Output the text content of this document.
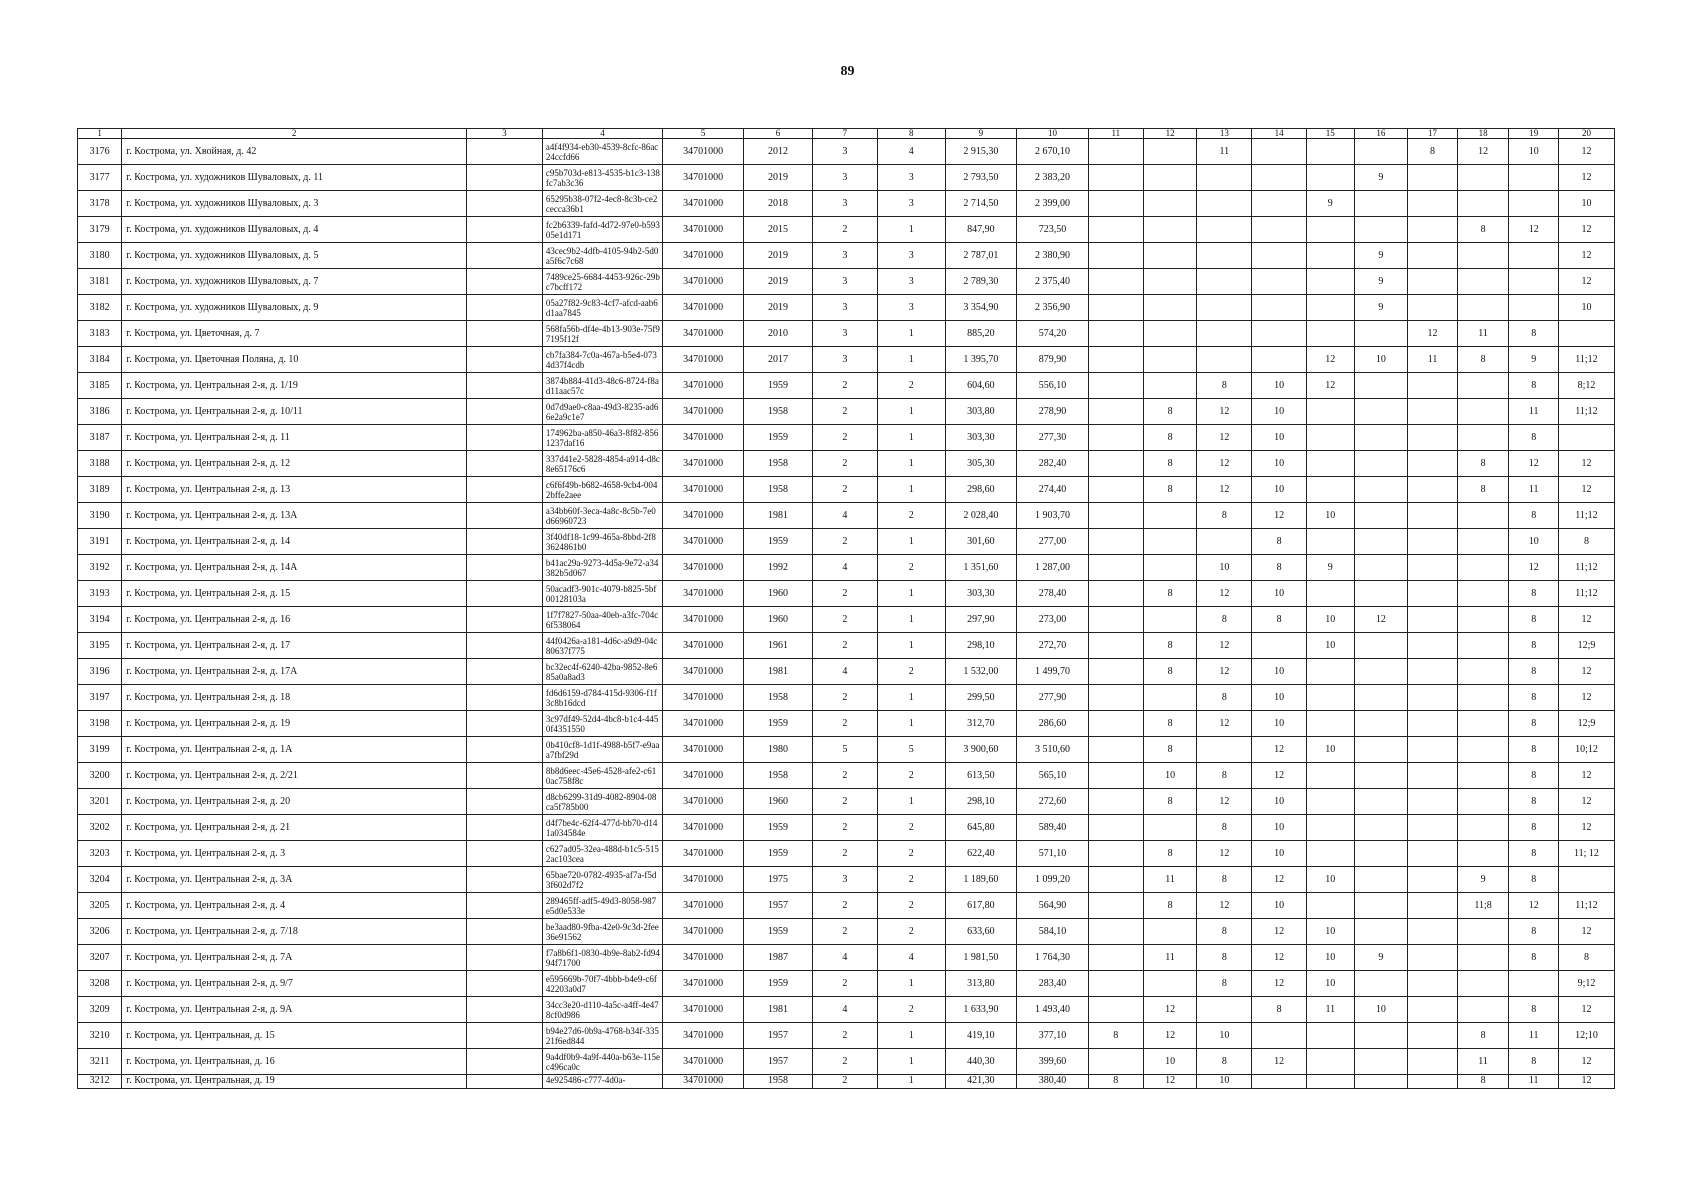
89
1	2	3	4	5	6	7	8	9	10	11	12	13	14	15	16	17	18	19	20
3176	г. Кострома, ул. Хвойная, д. 42		a4f4f934-eb30-4539-8cfc-86ac24ccfd66	34701000	2012	3	4	2 915,30	2 670,10			11				8	12	10	12
3177	г. Кострома, ул. художников Шуваловых, д. 11		c95b703d-e813-4535-b1c3-138fc7ab3c36	34701000	2019	3	3	2 793,50	2 383,20						9				12
3178	г. Кострома, ул. художников Шуваловых, д. 3		65295b38-07f2-4ec8-8c3b-ce2cecca36b1	34701000	2018	3	3	2 714,50	2 399,00					9					10
3179	г. Кострома, ул. художников Шуваловых, д. 4		fc2b6339-fafd-4d72-97e0-b59305e1d171	34701000	2015	2	1	847,90	723,50								8	12	12
3180	г. Кострома, ул. художников Шуваловых, д. 5		43cec9b2-4dfb-4105-94b2-5d0a5f6c7c68	34701000	2019	3	3	2 787,01	2 380,90						9				12
3181	г. Кострома, ул. художников Шуваловых, д. 7		7489ce25-6684-4453-926c-29bc7bcff172	34701000	2019	3	3	2 789,30	2 375,40						9				12
3182	г. Кострома, ул. художников Шуваловых, д. 9		05a27f82-9c83-4cf7-afcd-aab6d1aa7845	34701000	2019	3	3	3 354,90	2 356,90						9				10
3183	г. Кострома, ул. Цветочная, д. 7		568fa56b-df4e-4b13-903e-75f97195f12f	34701000	2010	3	1	885,20	574,20							12	11	8	
3184	г. Кострома, ул. Цветочная Поляна, д. 10		cb7fa384-7c0a-467a-b5e4-0734d37f4cdb	34701000	2017	3	1	1 395,70	879,90					12	10	11	8	9	11;12
3185	г. Кострома, ул. Центральная 2-я, д. 1/19		3874b884-41d3-48c6-8724-f8ad11aac57c	34701000	1959	2	2	604,60	556,10			8	10	12				8	8;12
3186	г. Кострома, ул. Центральная 2-я, д. 10/11		0d7d9ae0-c8aa-49d3-8235-ad66e2a9c1e7	34701000	1958	2	1	303,80	278,90		8	12	10					11	11;12
3187	г. Кострома, ул. Центральная 2-я, д. 11		174962ba-a850-46a3-8f82-8561237daf16	34701000	1959	2	1	303,30	277,30		8	12	10					8	
3188	г. Кострома, ул. Центральная 2-я, д. 12		337d41e2-5828-4854-a914-d8c8e65176c6	34701000	1958	2	1	305,30	282,40		8	12	10				8	12	12
3189	г. Кострома, ул. Центральная 2-я, д. 13		c6f6f49b-b682-4658-9cb4-0042bffe2aee	34701000	1958	2	1	298,60	274,40		8	12	10				8	11	12
3190	г. Кострома, ул. Центральная 2-я, д. 13А		a34bb60f-3eca-4a8c-8c5b-7e0d66960723	34701000	1981	4	2	2 028,40	1 903,70			8	12	10				8	11;12
3191	г. Кострома, ул. Центральная 2-я, д. 14		3f40df18-1c99-465a-8bbd-2f83624861b0	34701000	1959	2	1	301,60	277,00				8					10	8
3192	г. Кострома, ул. Центральная 2-я, д. 14А		b41ac29a-9273-4d5a-9e72-a34382b5d067	34701000	1992	4	2	1 351,60	1 287,00			10	8	9				12	11;12
3193	г. Кострома, ул. Центральная 2-я, д. 15		50acadf3-901c-4079-b825-5bf00128103a	34701000	1960	2	1	303,30	278,40		8	12	10					8	11;12
3194	г. Кострома, ул. Центральная 2-я, д. 16		1f7f7827-50aa-40eb-a3fc-704c6f538064	34701000	1960	2	1	297,90	273,00			8	8	10	12			8	12
3195	г. Кострома, ул. Центральная 2-я, д. 17		44f0426a-a181-4d6c-a9d9-04c80637f775	34701000	1961	2	1	298,10	272,70		8	12		10				8	12;9
3196	г. Кострома, ул. Центральная 2-я, д. 17А		bc32ec4f-6240-42ba-9852-8e685a0a8ad3	34701000	1981	4	2	1 532,00	1 499,70		8	12	10					8	12
3197	г. Кострома, ул. Центральная 2-я, д. 18		fd6d6159-d784-415d-9306-f1f3c8b16dcd	34701000	1958	2	1	299,50	277,90			8	10					8	12
3198	г. Кострома, ул. Центральная 2-я, д. 19		3c97df49-52d4-4bc8-b1c4-4450f4351550	34701000	1959	2	1	312,70	286,60		8	12	10					8	12;9
3199	г. Кострома, ул. Центральная 2-я, д. 1А		0b410cf8-1d1f-4988-b5f7-e9aaa7fbf29d	34701000	1980	5	5	3 900,60	3 510,60		8		12	10				8	10;12
3200	г. Кострома, ул. Центральная 2-я, д. 2/21		8b8d6eec-45e6-4528-afe2-c610ac758f8c	34701000	1958	2	2	613,50	565,10		10	8	12					8	12
3201	г. Кострома, ул. Центральная 2-я, д. 20		d8cb6299-31d9-4082-8904-08ca5f785b00	34701000	1960	2	1	298,10	272,60		8	12	10					8	12
3202	г. Кострома, ул. Центральная 2-я, д. 21		d4f7be4c-62f4-477d-bb70-d141a034584e	34701000	1959	2	2	645,80	589,40			8	10					8	12
3203	г. Кострома, ул. Центральная 2-я, д. 3		c627ad05-32ea-488d-b1c5-5152ac103cea	34701000	1959	2	2	622,40	571,10		8	12	10					8	11; 12
3204	г. Кострома, ул. Центральная 2-я, д. 3А		65bae720-0782-4935-af7a-f5d3f602d7f2	34701000	1975	3	2	1 189,60	1 099,20		11	8	12	10			9	8	
3205	г. Кострома, ул. Центральная 2-я, д. 4		289465ff-adf5-49d3-8058-987e5d0e533e	34701000	1957	2	2	617,80	564,90		8	12	10				11;8	12	11;12
3206	г. Кострома, ул. Центральная 2-я, д. 7/18		be3aad80-9fba-42e0-9c3d-2fee36e91562	34701000	1959	2	2	633,60	584,10			8	12	10				8	12
3207	г. Кострома, ул. Центральная 2-я, д. 7А		f7a8b6f1-0830-4b9e-8ab2-fd9494f71700	34701000	1987	4	4	1 981,50	1 764,30		11	8	12	10	9			8	8
3208	г. Кострома, ул. Центральная 2-я, д. 9/7		e595669b-70f7-4bbb-b4e9-c6f42203a0d7	34701000	1959	2	1	313,80	283,40			8	12	10					9;12
3209	г. Кострома, ул. Центральная 2-я, д. 9А		34cc3e20-d110-4a5c-a4ff-4e478cf0d986	34701000	1981	4	2	1 633,90	1 493,40		12		8	11	10			8	12
3210	г. Кострома, ул. Центральная, д. 15		b94e27d6-0b9a-4768-b34f-33521f6ed844	34701000	1957	2	1	419,10	377,10	8	12	10					8	11	12;10
3211	г. Кострома, ул. Центральная, д. 16		9a4df0b9-4a9f-440a-b63e-115ec496ca0c	34701000	1957	2	1	440,30	399,60		10	8	12				11	8	12
3212	г. Кострома, ул. Центральная, д. 19		4e925486-c777-4d0a-	34701000	1958	2	1	421,30	380,40	8	12	10					8	11	12
